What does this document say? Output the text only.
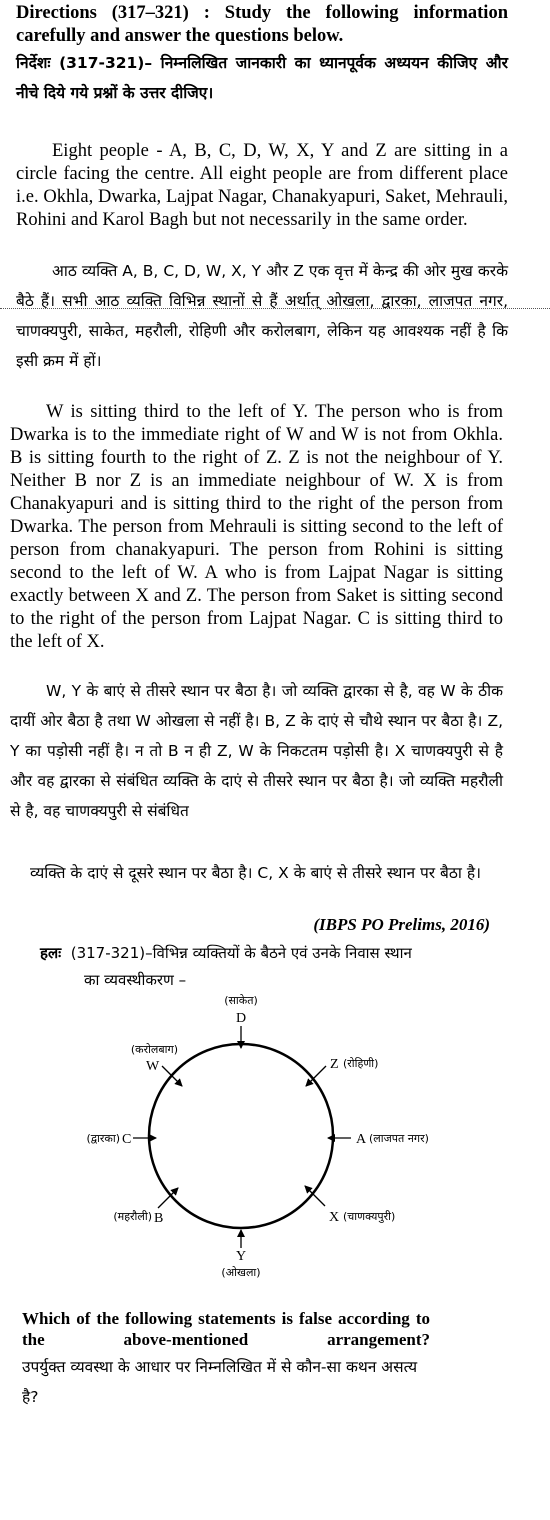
Directions (317–321) : Study the following information carefully and answer the questions below.
निर्देशः (317-321)– निम्नलिखित जानकारी का ध्यानपूर्वक अध्ययन कीजिए और नीचे दिये गये प्रश्नों के उत्तर दीजिए।
Eight people - A, B, C, D, W, X, Y and Z are sitting in a circle facing the centre. All eight people are from different place i.e. Okhla, Dwarka, Lajpat Nagar, Chanakyapuri, Saket, Mehrauli, Rohini and Karol Bagh but not necessarily in the same order.
आठ व्यक्ति A, B, C, D, W, X, Y और Z एक वृत्त में केन्द्र की ओर मुख करके बैठे हैं। सभी आठ व्यक्ति विभिन्न स्थानों से हैं अर्थात् ओखला, द्वारका, लाजपत नगर, चाणक्यपुरी, साकेत, महरौली, रोहिणी और करोलबाग, लेकिन यह आवश्यक नहीं है कि इसी क्रम में हों।
W is sitting third to the left of Y. The person who is from Dwarka is to the immediate right of W and W is not from Okhla. B is sitting fourth to the right of Z. Z is not the neighbour of Y. Neither B nor Z is an immediate neighbour of W. X is from Chanakyapuri and is sitting third to the right of the person from Dwarka. The person from Mehrauli is sitting second to the left of person from chanakyapuri. The person from Rohini is sitting second to the left of W. A who is from Lajpat Nagar is sitting exactly between X and Z. The person from Saket is sitting second to the right of the person from Lajpat Nagar. C is sitting third to the left of X.
W, Y के बाएं से तीसरे स्थान पर बैठा है। जो व्यक्ति द्वारका से है, वह W के ठीक दायीं ओर बैठा है तथा W ओखला से नहीं है। B, Z के दाएं से चौथे स्थान पर बैठा है। Z, Y का पड़ोसी नहीं है। न तो B न ही Z, W के निकटतम पड़ोसी है। X चाणक्यपुरी से है और वह द्वारका से संबंधित व्यक्ति के दाएं से तीसरे स्थान पर बैठा है। जो व्यक्ति महरौली से है, वह चाणक्यपुरी से संबंधित
व्यक्ति के दाएं से दूसरे स्थान पर बैठा है। C, X के बाएं से तीसरे स्थान पर बैठा है।
(IBPS PO Prelims, 2016)
हलः (317-321)–विभिन्न व्यक्तियों के बैठने एवं उनके निवास स्थान
का व्यवस्थीकरण –
(साकेत)
D
Z (रोहिणी)
A (लाजपत नगर)
X (चाणक्यपुरी)
Y
(ओखला)
(महरौली) B
(द्वारका) C
(करोलबाग)
W
Which of the following statements is false according to the above-mentioned arrangement?
उपर्युक्त व्यवस्था के आधार पर निम्नलिखित में से कौन-सा कथन असत्य है?
